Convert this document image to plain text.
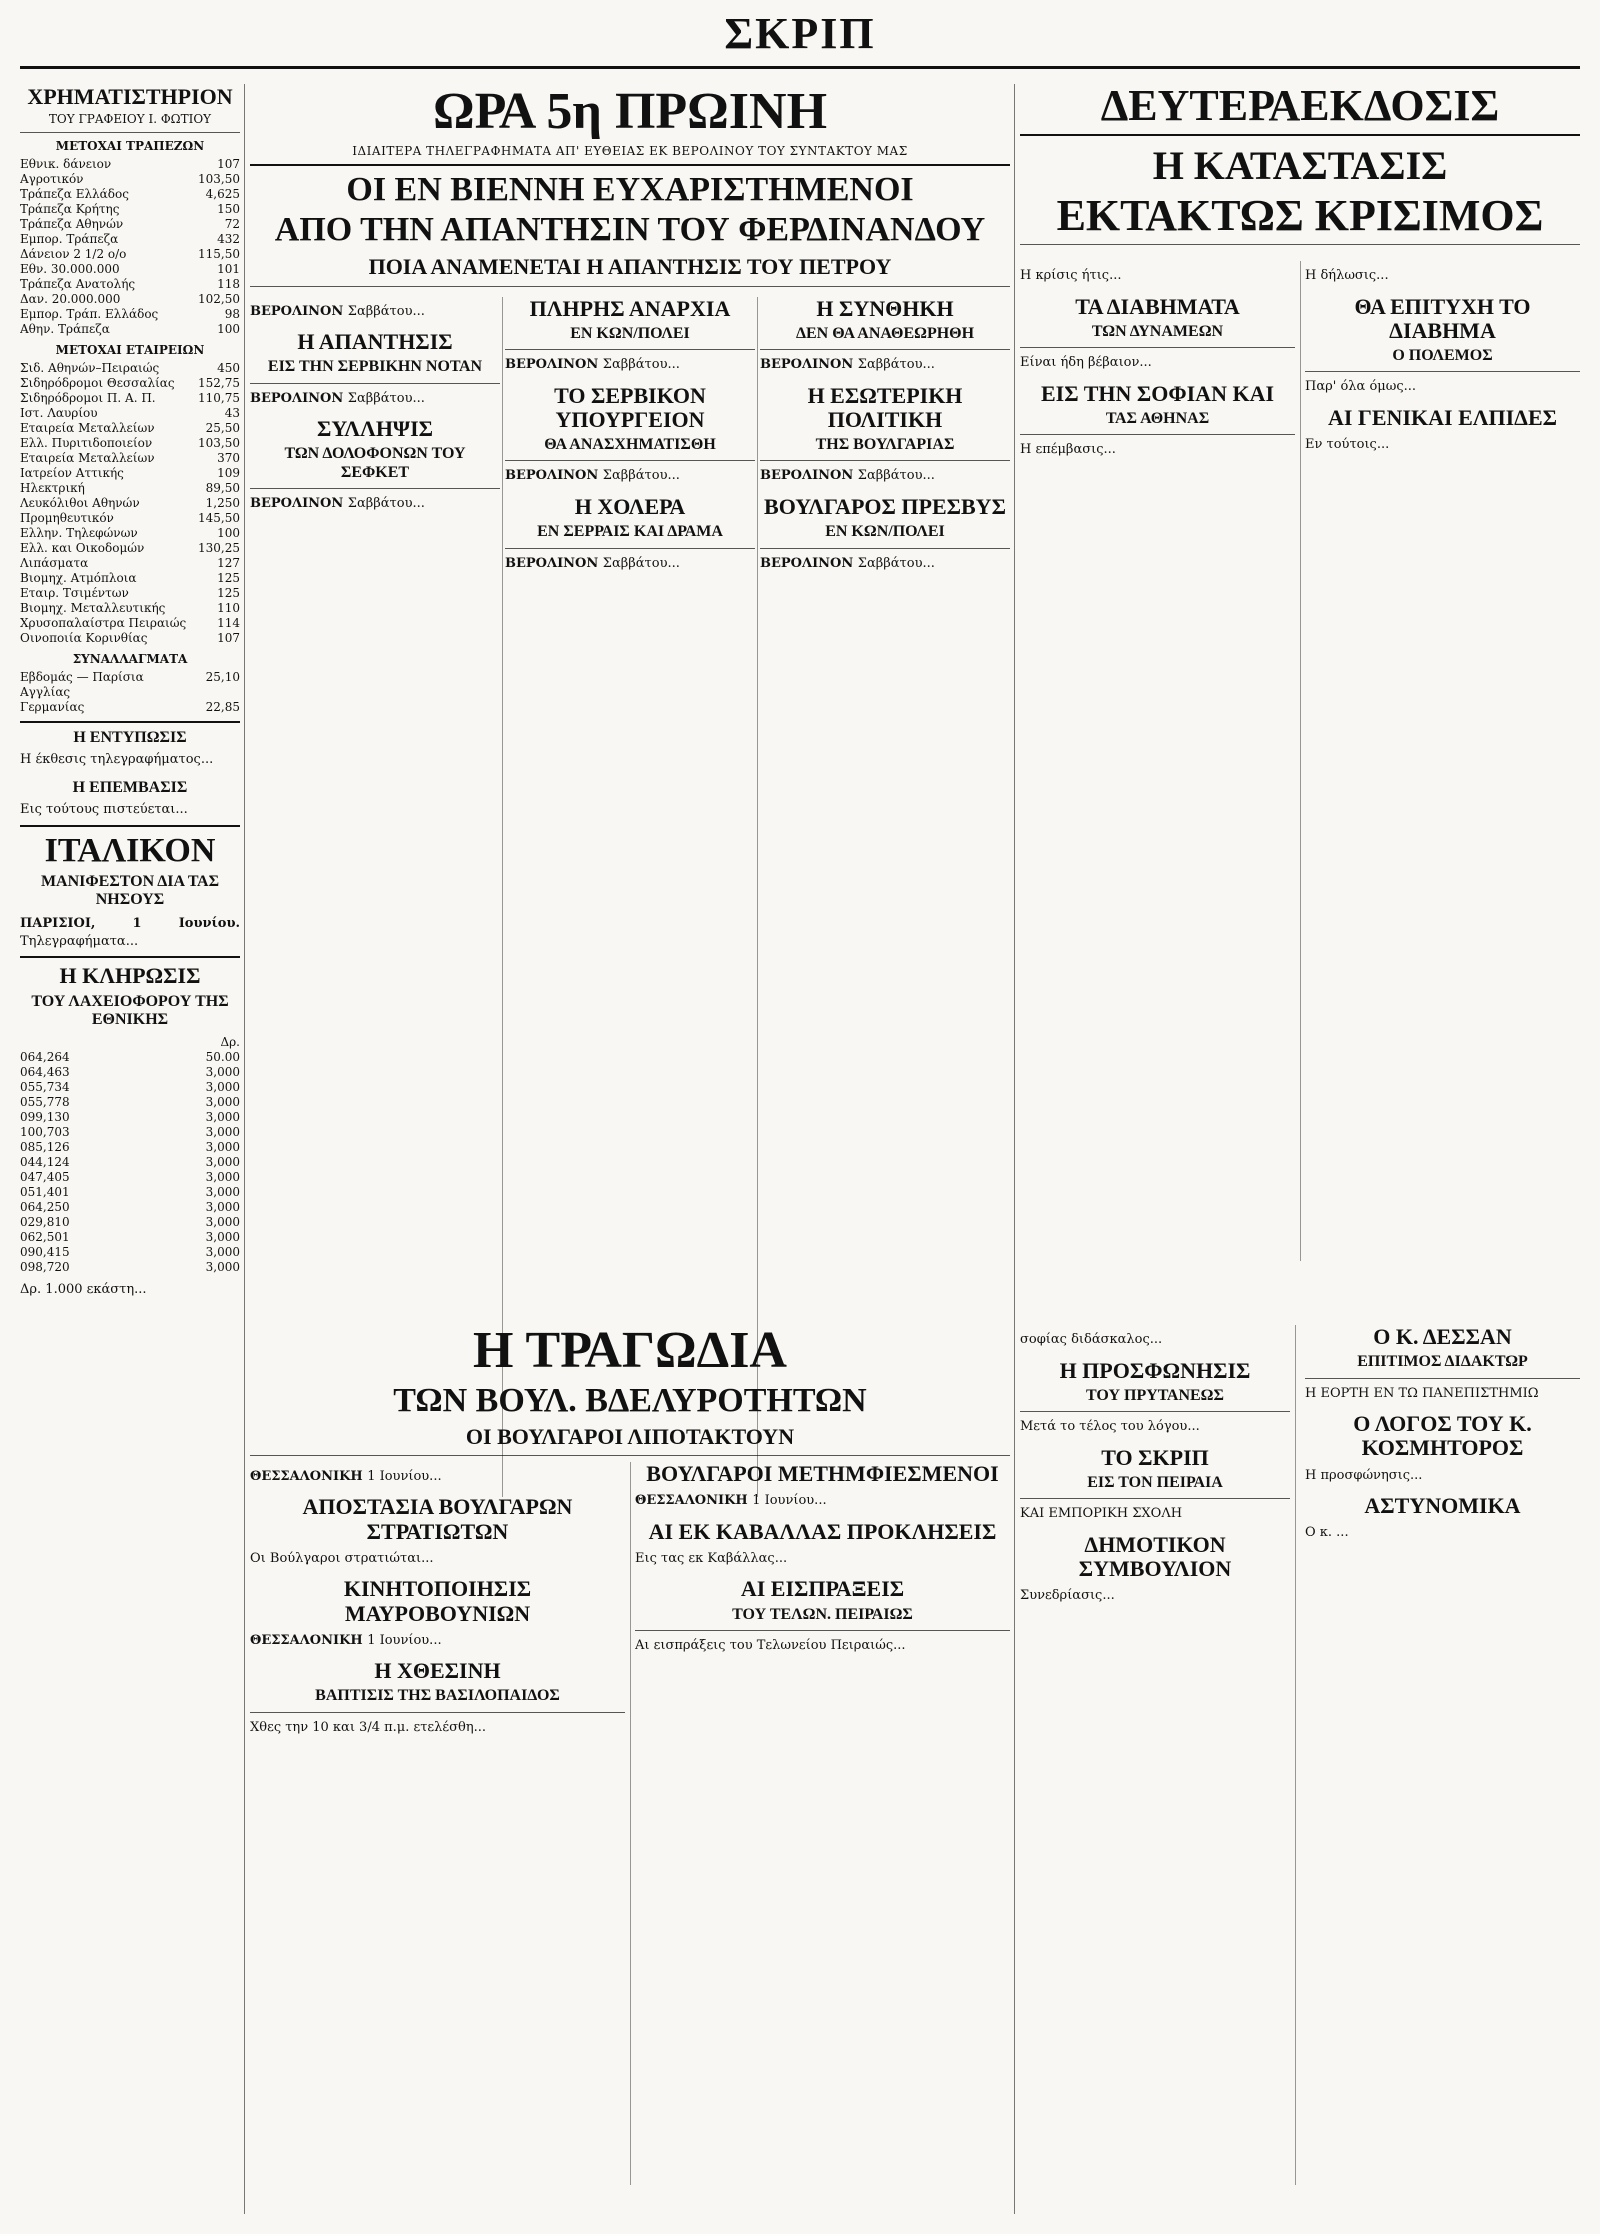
ΣΚΡΙΠ
ΧΡΗΜΑΤΙΣΤΗΡΙΟΝ
ΤΟΥ ΓΡΑΦΕΙΟΥ Ι. ΦΩΤΙΟΥ
ΜΕΤΟΧΑΙ ΤΡΑΠΕΖΩΝ
Εθνικ. δάνειον	107
Αγροτικόν	103,50
Τράπεζα Ελλάδος	4,625
Τράπεζα Κρήτης	150
Τράπεζα Αθηνών	72
Εμπορ. Τράπεζα	432
Δάνειον 2 1/2 ο/ο	115,50
Εθν. 30.000.000	101
Τράπεζα Ανατολής	118
Δαν. 20.000.000	102,50
Εμπορ. Τράπ. Ελλάδος	98
Αθην. Τράπεζα	100
ΜΕΤΟΧΑΙ ΕΤΑΙΡΕΙΩΝ
Σιδ. Αθηνών–Πειραιώς	450
Σιδηρόδρομοι Θεσσαλίας	152,75
Σιδηρόδρομοι Π. Α. Π.	110,75
Ιστ. Λαυρίου	43
Εταιρεία Μεταλλείων	25,50
Ελλ. Πυριτιδοποιείον	103,50
Εταιρεία Μεταλλείων	370
Ιατρείον Αττικής	109
Ηλεκτρική	89,50
Λευκόλιθοι Αθηνών	1,250
Προμηθευτικόν	145,50
Ελλην. Τηλεφώνων	100
Ελλ. και Οικοδομών	130,25
Λιπάσματα	127
Βιομηχ. Ατμόπλοια	125
Εταιρ. Τσιμέντων	125
Βιομηχ. Μεταλλευτικής	110
Χρυσοπαλαίστρα Πειραιώς	114
Οινοποιία Κορινθίας	107
ΣΥΝΑΛΛΑΓΜΑΤΑ
Εβδομάς — Παρίσια	25,10
Αγγλίας
Γερμανίας	22,85
Η ΕΝΤΥΠΩΣΙΣ
Η έκθεσις τηλεγραφήματος...
Η ΕΠΕΜΒΑΣΙΣ
Εις τούτους πιστεύεται...
ΙΤΑΛΙΚΟΝ
ΜΑΝΙΦΕΣΤΟΝ ΔΙΑ ΤΑΣ ΝΗΣΟΥΣ
ΠΑΡΙΣΙΟΙ, 1 Ιουνίου. Τηλεγραφήματα...
Η ΚΛΗΡΩΣΙΣ
ΤΟΥ ΛΑΧΕΙΟΦΟΡΟΥ ΤΗΣ ΕΘΝΙΚΗΣ
Δρ.
064,264	50.00
064,463	3,000
055,734	3,000
055,778	3,000
099,130	3,000
100,703	3,000
085,126	3,000
044,124	3,000
047,405	3,000
051,401	3,000
064,250	3,000
029,810	3,000
062,501	3,000
090,415	3,000
098,720	3,000
Δρ. 1.000 εκάστη...
ΩΡΑ 5η ΠΡΩΙΝΗ
ΙΔΙΑΙΤΕΡΑ ΤΗΛΕΓΡΑΦΗΜΑΤΑ ΑΠ' ΕΥΘΕΙΑΣ ΕΚ ΒΕΡΟΛΙΝΟΥ ΤΟΥ ΣΥΝΤΑΚΤΟΥ ΜΑΣ
ΟΙ ΕΝ ΒΙΕΝΝΗ ΕΥΧΑΡΙΣΤΗΜΕΝΟΙ
ΑΠΟ ΤΗΝ ΑΠΑΝΤΗΣΙΝ ΤΟΥ ΦΕΡΔΙΝΑΝΔΟΥ
ΠΟΙΑ ΑΝΑΜΕΝΕΤΑΙ Η ΑΠΑΝΤΗΣΙΣ ΤΟΥ ΠΕΤΡΟΥ
ΒΕΡΟΛΙΝΟΝ Σαββάτου...
Η ΑΠΑΝΤΗΣΙΣ
ΕΙΣ ΤΗΝ ΣΕΡΒΙΚΗΝ ΝΟΤΑΝ
ΒΕΡΟΛΙΝΟΝ Σαββάτου...
ΣΥΛΛΗΨΙΣ
ΤΩΝ ΔΟΛΟΦΟΝΩΝ ΤΟΥ ΣΕΦΚΕΤ
ΒΕΡΟΛΙΝΟΝ Σαββάτου...
ΠΛΗΡΗΣ ΑΝΑΡΧΙΑ
ΕΝ ΚΩΝ/ΠΟΛΕΙ
ΒΕΡΟΛΙΝΟΝ Σαββάτου...
ΤΟ ΣΕΡΒΙΚΟΝ ΥΠΟΥΡΓΕΙΟΝ
ΘΑ ΑΝΑΣΧΗΜΑΤΙΣΘΗ
ΒΕΡΟΛΙΝΟΝ Σαββάτου...
Η ΧΟΛΕΡΑ
ΕΝ ΣΕΡΡΑΙΣ ΚΑΙ ΔΡΑΜΑ
ΒΕΡΟΛΙΝΟΝ Σαββάτου...
Η ΣΥΝΘΗΚΗ
ΔΕΝ ΘΑ ΑΝΑΘΕΩΡΗΘΗ
ΒΕΡΟΛΙΝΟΝ Σαββάτου...
Η ΕΣΩΤΕΡΙΚΗ ΠΟΛΙΤΙΚΗ
ΤΗΣ ΒΟΥΛΓΑΡΙΑΣ
ΒΕΡΟΛΙΝΟΝ Σαββάτου...
ΒΟΥΛΓΑΡΟΣ ΠΡΕΣΒΥΣ
ΕΝ ΚΩΝ/ΠΟΛΕΙ
ΒΕΡΟΛΙΝΟΝ Σαββάτου...
Η ΤΡΑΓΩΔΙΑ
ΤΩΝ ΒΟΥΛ. ΒΔΕΛΥΡΟΤΗΤΩΝ
ΟΙ ΒΟΥΛΓΑΡΟΙ ΛΙΠΟΤΑΚΤΟΥΝ
ΘΕΣΣΑΛΟΝΙΚΗ 1 Ιουνίου...
ΑΠΟΣΤΑΣΙΑ ΒΟΥΛΓΑΡΩΝ ΣΤΡΑΤΙΩΤΩΝ
Οι Βούλγαροι στρατιώται...
ΚΙΝΗΤΟΠΟΙΗΣΙΣ ΜΑΥΡΟΒΟΥΝΙΩΝ
ΘΕΣΣΑΛΟΝΙΚΗ 1 Ιουνίου...
Η ΧΘΕΣΙΝΗ
ΒΑΠΤΙΣΙΣ ΤΗΣ ΒΑΣΙΛΟΠΑΙΔΟΣ
Χθες την 10 και 3/4 π.μ. ετελέσθη...
ΒΟΥΛΓΑΡΟΙ ΜΕΤΗΜΦΙΕΣΜΕΝΟΙ
ΘΕΣΣΑΛΟΝΙΚΗ 1 Ιουνίου...
ΑΙ ΕΚ ΚΑΒΑΛΛΑΣ ΠΡΟΚΛΗΣΕΙΣ
Εις τας εκ Καβάλλας...
ΑΙ ΕΙΣΠΡΑΞΕΙΣ
ΤΟΥ ΤΕΛΩΝ. ΠΕΙΡΑΙΩΣ
Αι εισπράξεις του Τελωνείου Πειραιώς...
ΔΕΥΤΕΡΑΕΚΔΟΣΙΣ
Η ΚΑΤΑΣΤΑΣΙΣ
ΕΚΤΑΚΤΩΣ ΚΡΙΣΙΜΟΣ
Η κρίσις ήτις...
ΤΑ ΔΙΑΒΗΜΑΤΑ
ΤΩΝ ΔΥΝΑΜΕΩΝ
Είναι ήδη βέβαιον...
ΕΙΣ ΤΗΝ ΣΟΦΙΑΝ ΚΑΙ
ΤΑΣ ΑΘΗΝΑΣ
Η επέμβασις...
Η δήλωσις...
ΘΑ ΕΠΙΤΥΧΗ ΤΟ ΔΙΑΒΗΜΑ
Ο ΠΟΛΕΜΟΣ
Παρ' όλα όμως...
ΑΙ ΓΕΝΙΚΑΙ ΕΛΠΙΔΕΣ
Εν τούτοις...
σοφίας διδάσκαλος...
Η ΠΡΟΣΦΩΝΗΣΙΣ
ΤΟΥ ΠΡΥΤΑΝΕΩΣ
Μετά το τέλος του λόγου...
ΤΟ ΣΚΡΙΠ
ΕΙΣ ΤΟΝ ΠΕΙΡΑΙΑ
ΚΑΙ ΕΜΠΟΡΙΚΗ ΣΧΟΛΗ
ΔΗΜΟΤΙΚΟΝ ΣΥΜΒΟΥΛΙΟΝ
Συνεδρίασις...
Ο Κ. ΔΕΣΣΑΝ
ΕΠΙΤΙΜΟΣ ΔΙΔΑΚΤΩΡ
Η ΕΟΡΤΗ ΕΝ ΤΩ ΠΑΝΕΠΙΣΤΗΜΙΩ
Ο ΛΟΓΟΣ ΤΟΥ Κ. ΚΟΣΜΗΤΟΡΟΣ
Η προσφώνησις...
ΑΣΤΥΝΟΜΙΚΑ
Ο κ. ...
